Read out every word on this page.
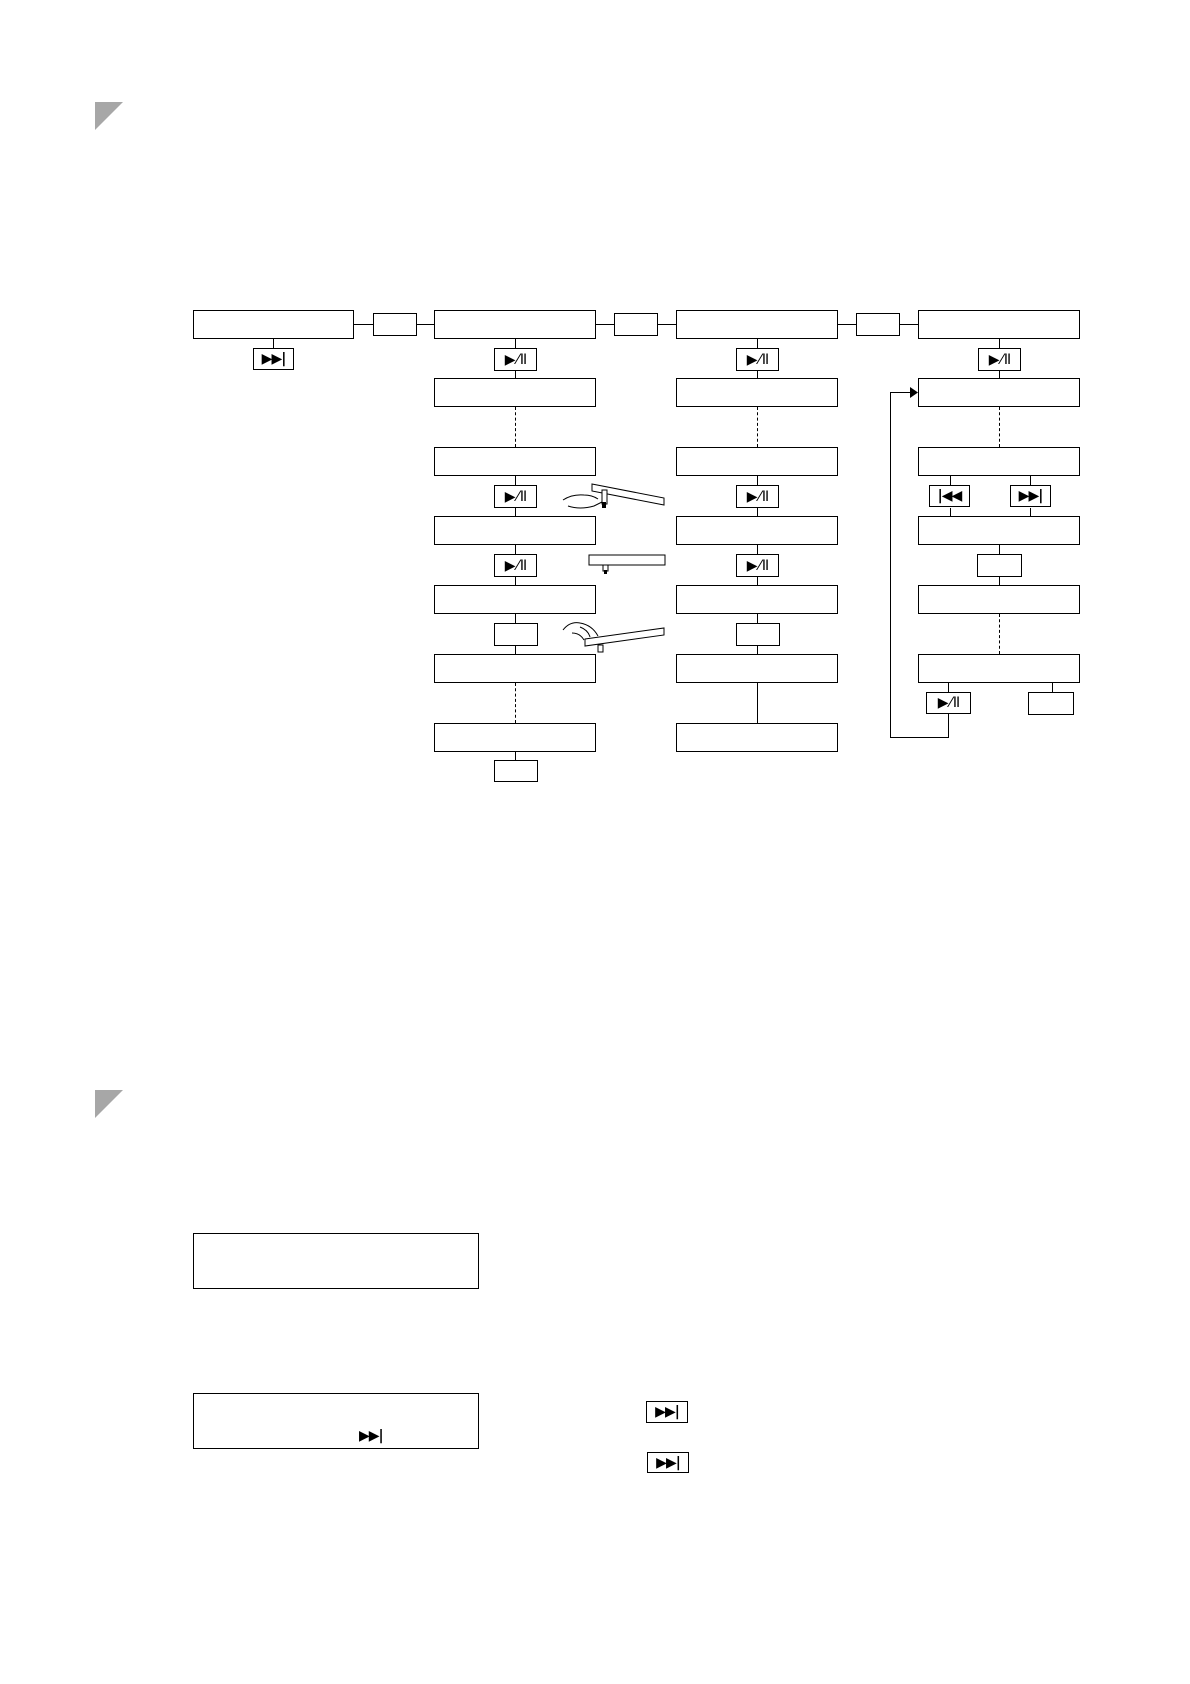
▶▶|	▶ ⁄ II
▶ ⁄ II
▶ ⁄ II
▶ ⁄ II
▶ ⁄ II
▶ ⁄ II
▶ ⁄ II
|◀◀	▶▶|
▶ ⁄ II
▶▶|
▶▶|
▶▶|
